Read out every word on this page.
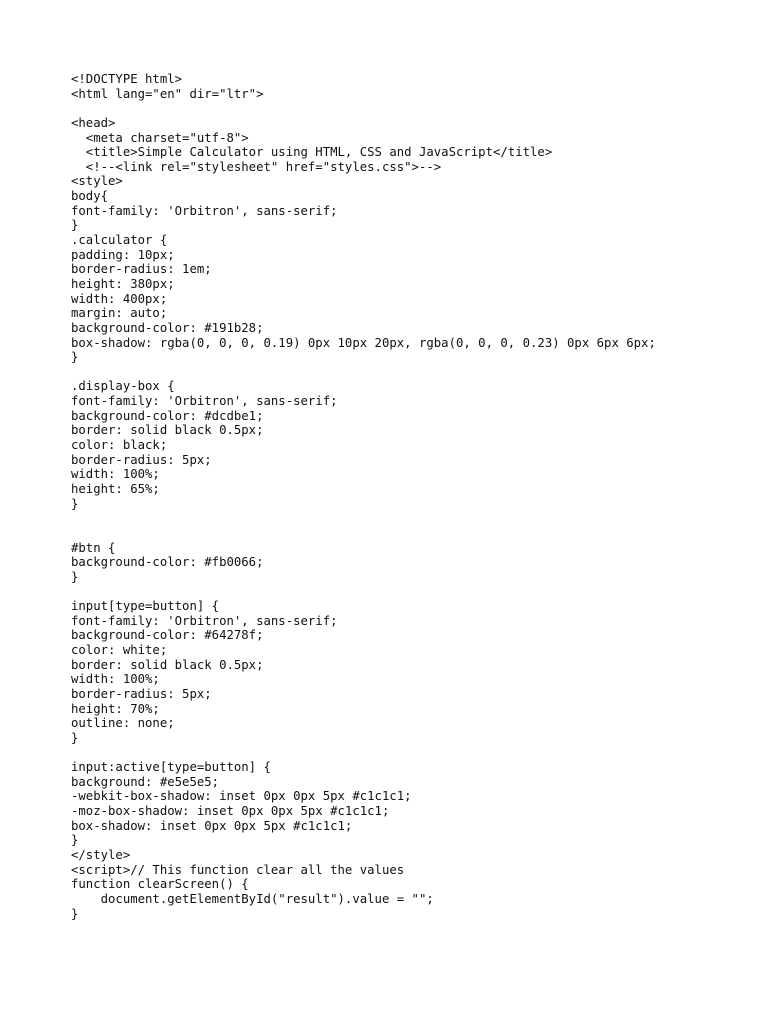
<!DOCTYPE html>
<html lang="en" dir="ltr">
<head>
<meta charset="utf-8">
<title>Simple Calculator using HTML, CSS and JavaScript</title>
<!--<link rel="stylesheet" href="styles.css">-->
<style>
body{
font-family: 'Orbitron', sans-serif;
}
.calculator {
padding: 10px;
border-radius: 1em;
height: 380px;
width: 400px;
margin: auto;
background-color: #191b28;
box-shadow: rgba(0, 0, 0, 0.19) 0px 10px 20px, rgba(0, 0, 0, 0.23) 0px 6px 6px;
}
.display-box {
font-family: 'Orbitron', sans-serif;
background-color: #dcdbe1;
border: solid black 0.5px;
color: black;
border-radius: 5px;
width: 100%;
height: 65%;
}
#btn {
background-color: #fb0066;
}
input[type=button] {
font-family: 'Orbitron', sans-serif;
background-color: #64278f;
color: white;
border: solid black 0.5px;
width: 100%;
border-radius: 5px;
height: 70%;
outline: none;
}
input:active[type=button] {
background: #e5e5e5;
-webkit-box-shadow: inset 0px 0px 5px #c1c1c1;
-moz-box-shadow: inset 0px 0px 5px #c1c1c1;
box-shadow: inset 0px 0px 5px #c1c1c1;
}
</style>
<script>// This function clear all the values
function clearScreen() {
document.getElementById("result").value = "";
}
